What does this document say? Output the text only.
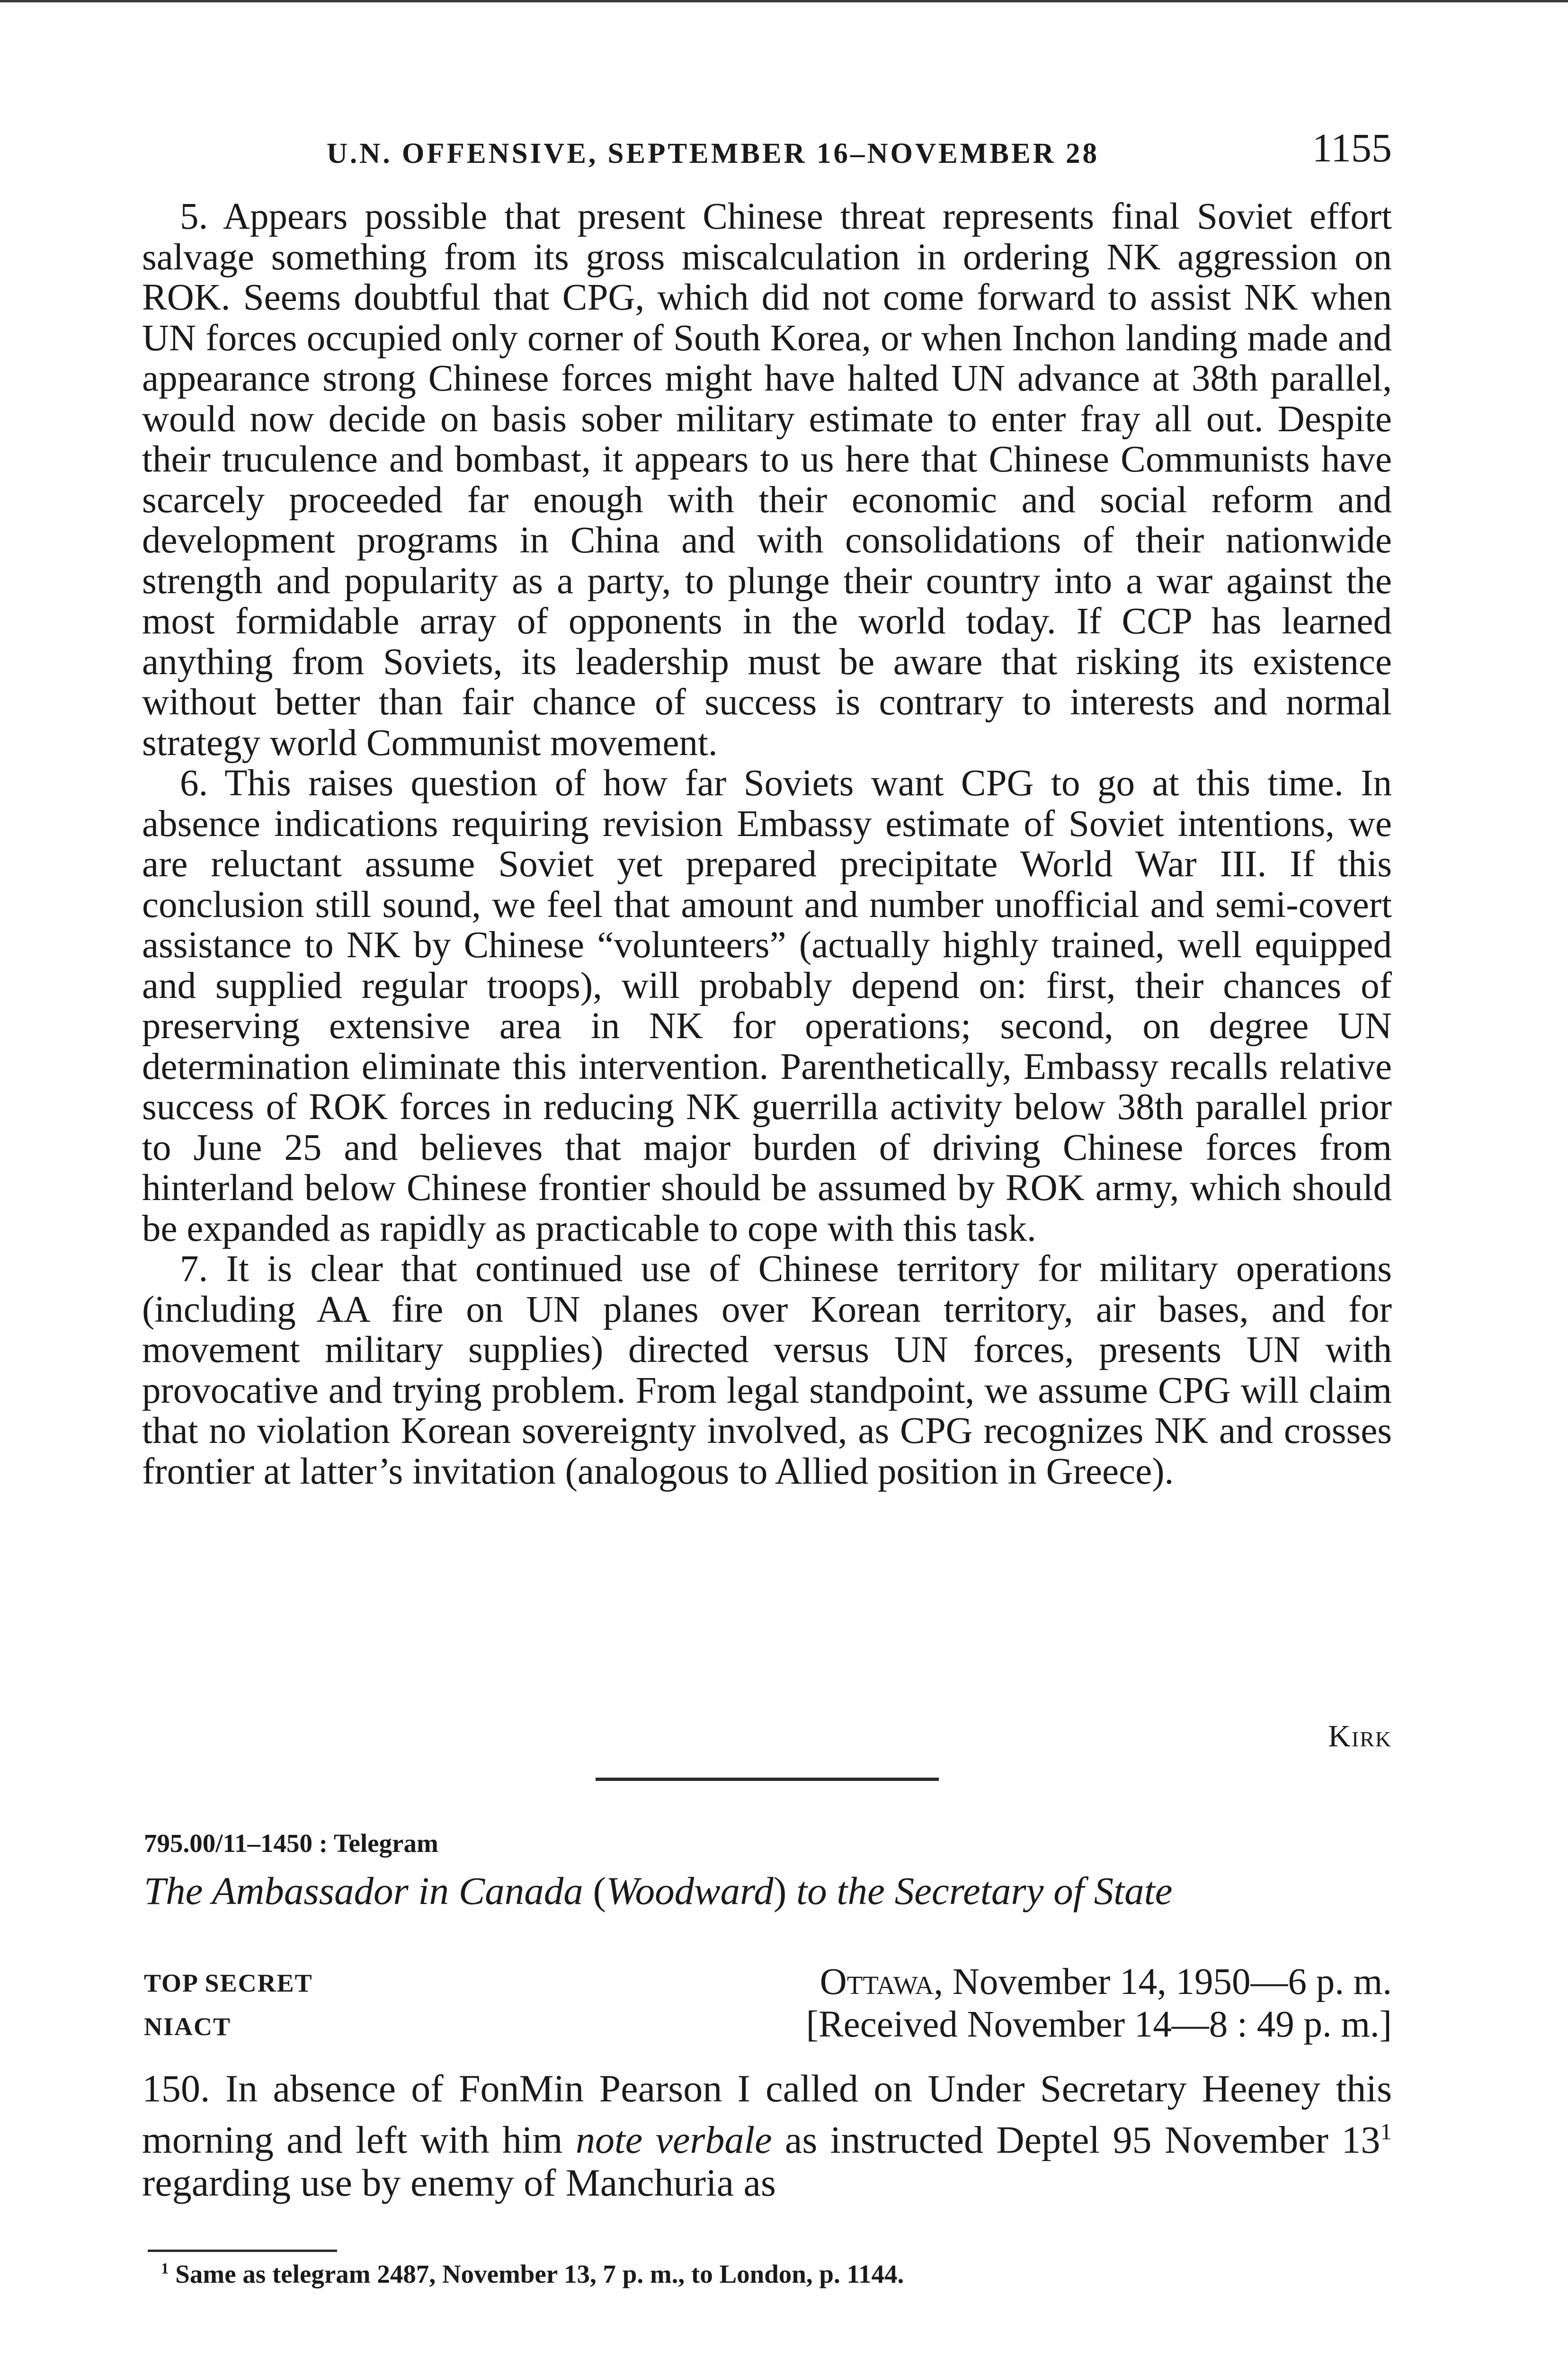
U.N. OFFENSIVE, SEPTEMBER 16–NOVEMBER 28	1155

5. Appears possible that present Chinese threat represents final Soviet effort salvage something from its gross miscalculation in ordering NK aggression on ROK. Seems doubtful that CPG, which did not come forward to assist NK when UN forces occupied only corner of South Korea, or when Inchon landing made and appearance strong Chinese forces might have halted UN advance at 38th parallel, would now decide on basis sober military estimate to enter fray all out. Despite their truculence and bombast, it appears to us here that Chinese Communists have scarcely proceeded far enough with their economic and social reform and development programs in China and with consolidations of their nationwide strength and popularity as a party, to plunge their country into a war against the most formidable array of opponents in the world today. If CCP has learned anything from Soviets, its leadership must be aware that risking its existence without better than fair chance of success is contrary to interests and normal strategy world Communist movement.

6. This raises question of how far Soviets want CPG to go at this time. In absence indications requiring revision Embassy estimate of Soviet intentions, we are reluctant assume Soviet yet prepared precipitate World War III. If this conclusion still sound, we feel that amount and number unofficial and semi-covert assistance to NK by Chinese “volunteers” (actually highly trained, well equipped and supplied regular troops), will probably depend on: first, their chances of preserving extensive area in NK for operations; second, on degree UN determination eliminate this intervention. Parenthetically, Embassy recalls relative success of ROK forces in reducing NK guerrilla activity below 38th parallel prior to June 25 and believes that major burden of driving Chinese forces from hinterland below Chinese frontier should be assumed by ROK army, which should be expanded as rapidly as practicable to cope with this task.

7. It is clear that continued use of Chinese territory for military operations (including AA fire on UN planes over Korean territory, air bases, and for movement military supplies) directed versus UN forces, presents UN with provocative and trying problem. From legal standpoint, we assume CPG will claim that no violation Korean sovereignty involved, as CPG recognizes NK and crosses frontier at latter’s invitation (analogous to Allied position in Greece).

Kirk
795.00/11–1450 : Telegram
The Ambassador in Canada (Woodward) to the Secretary of State
TOP SECRET	Ottawa, November 14, 1950—6 p. m.
NIACT	[Received November 14—8 : 49 p. m.]

150. In absence of FonMin Pearson I called on Under Secretary Heeney this morning and left with him note verbale as instructed Deptel 95 November $13^1$ regarding use by enemy of Manchuria as

$^1$ Same as telegram 2487, November 13, 7 p. m., to London, p. 1144.
